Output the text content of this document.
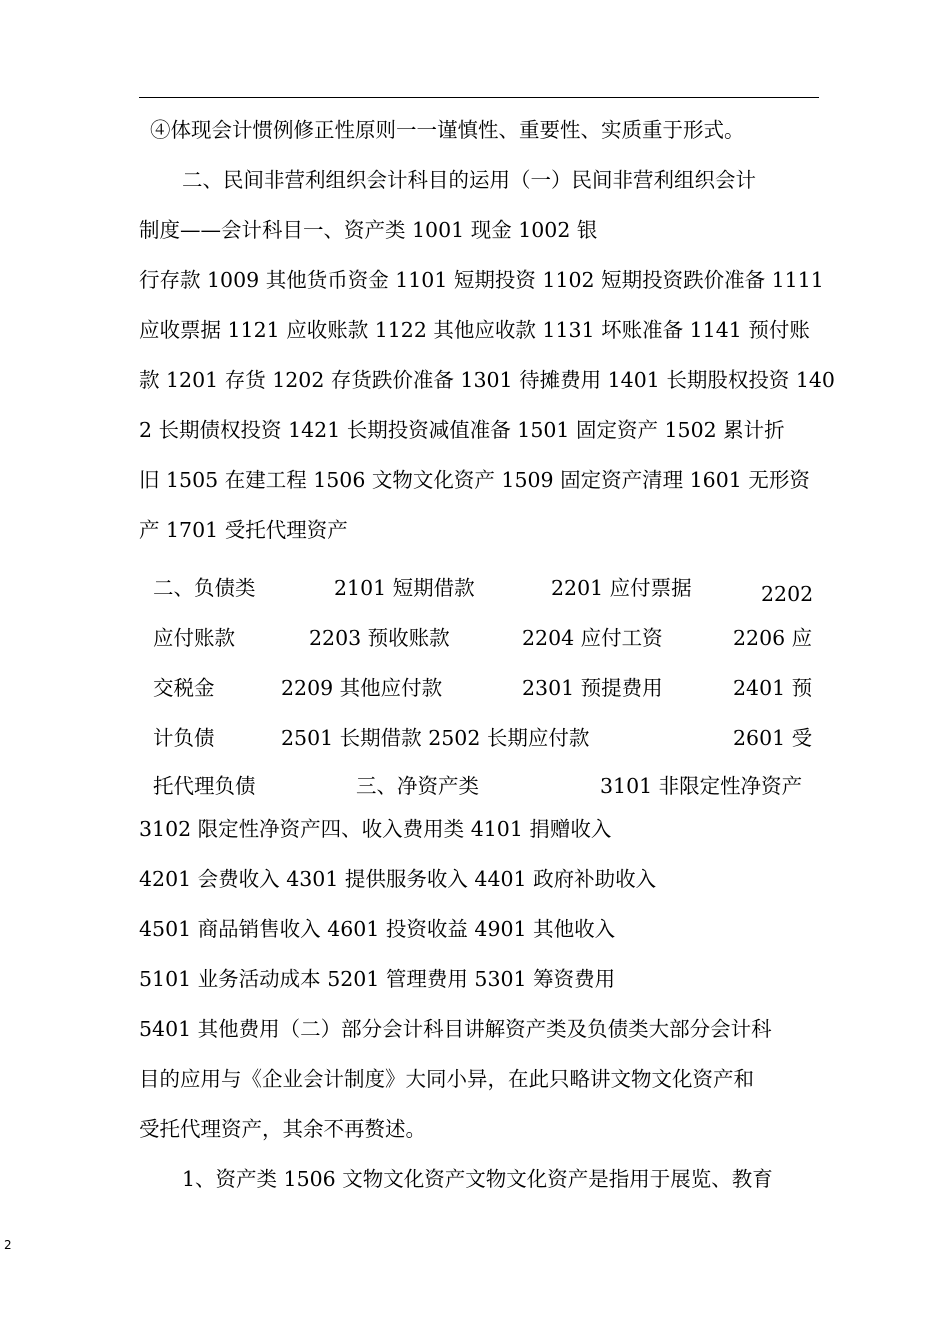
④体现会计惯例修正性原则一一谨慎性、重要性、实质重于形式。
二、民间非营利组织会计科目的运用（一）民间非营利组织会计
制度——会计科目一、资产类 1001 现金 1002 银
行存款 1009 其他货币资金 1101 短期投资 1102 短期投资跌价准备 1111
应收票据 1121 应收账款 1122 其他应收款 1131 坏账准备 1141 预付账
款 1201 存货 1202 存货跌价准备 1301 待摊费用 1401 长期股权投资 140
2 长期债权投资 1421 长期投资减值准备 1501 固定资产 1502 累计折
旧 1505 在建工程 1506 文物文化资产 1509 固定资产清理 1601 无形资
产 1701 受托代理资产
二、负债类	2101 短期借款	2201 应付票据	2202
应付账款	2203 预收账款	2204 应付工资	2206 应
交税金	2209 其他应付款	2301 预提费用	2401 预
计负债	2501 长期借款 2502 长期应付款	2601 受
托代理负债	三、净资产类	3101 非限定性净资产
3102 限定性净资产四、收入费用类 4101 捐赠收入
4201 会费收入 4301 提供服务收入 4401 政府补助收入
4501 商品销售收入 4601 投资收益 4901 其他收入
5101 业务活动成本 5201 管理费用 5301 筹资费用
5401 其他费用（二）部分会计科目讲解资产类及负债类大部分会计科
目的应用与《企业会计制度》大同小异，在此只略讲文物文化资产和
受托代理资产，其余不再赘述。
1、资产类 1506 文物文化资产文物文化资产是指用于展览、教育
2
